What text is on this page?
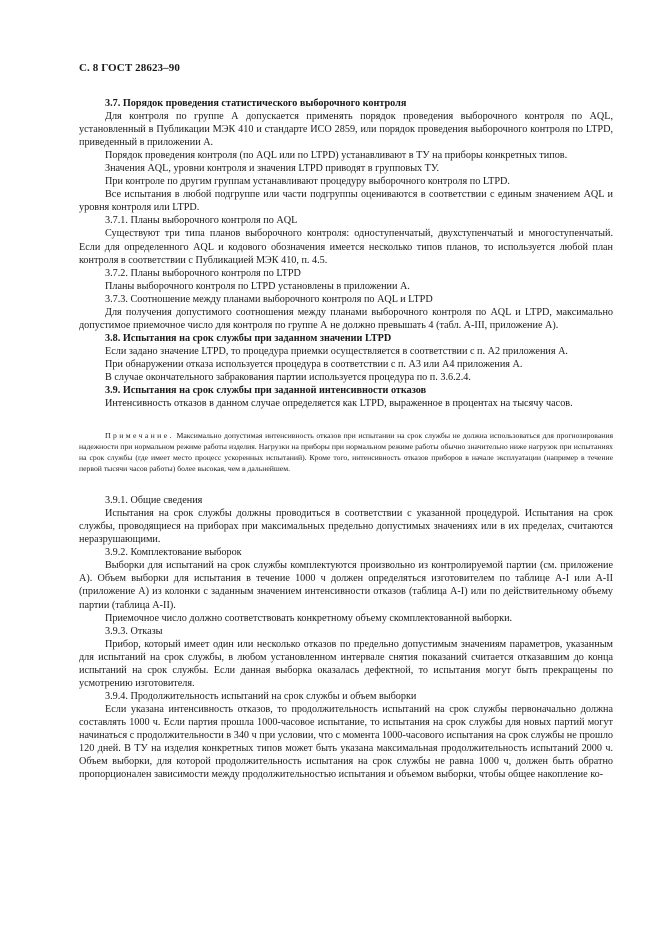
С. 8 ГОСТ 28623–90

3.7. Порядок проведения статистического выборочного контроля

Для контроля по группе А допускается применять порядок проведения выборочного контроля по AQL, установленный в Публикации МЭК 410 и стандарте ИСО 2859, или порядок проведения выборочного контроля по LTPD, приведенный в приложении А.

Порядок проведения контроля (по AQL или по LTPD) устанавливают в ТУ на приборы конкретных типов.

Значения AQL, уровни контроля и значения LTPD приводят в групповых ТУ.

При контроле по другим группам устанавливают процедуру выборочного контроля по LTPD.

Все испытания в любой подгруппе или части подгруппы оцениваются в соответствии с единым значением AQL и уровня контроля или LTPD.

3.7.1. Планы выборочного контроля по AQL

Существуют три типа планов выборочного контроля: одноступенчатый, двухступенчатый и многоступенчатый. Если для определенного AQL и кодового обозначения имеется несколько типов планов, то используется любой план контроля в соответствии с Публикацией МЭК 410, п. 4.5.

3.7.2. Планы выборочного контроля по LTPD

Планы выборочного контроля по LTPD установлены в приложении А.

3.7.3. Соотношение между планами выборочного контроля по AQL и LTPD

Для получения допустимого соотношения между планами выборочного контроля по AQL и LTPD, максимально допустимое приемочное число для контроля по группе А не должно превышать 4 (табл. А-III, приложение А).

3.8. Испытания на срок службы при заданном значении LTPD

Если задано значение LTPD, то процедура приемки осуществляется в соответствии с п. А2 приложения А.

При обнаружении отказа используется процедура в соответствии с п. А3 или А4 приложения А.

В случае окончательного забракования партии используется процедура по п. 3.6.2.4.

3.9. Испытания на срок службы при заданной интенсивности отказов

Интенсивность отказов в данном случае определяется как LTPD, выраженное в процентах на тысячу часов.

Примечание. Максимально допустимая интенсивность отказов при испытании на срок службы не должна использоваться для прогнозирования надежности при нормальном режиме работы изделия. Нагрузки на приборы при нормальном режиме работы обычно значительно ниже нагрузок при испытаниях на срок службы (где имеет место процесс ускоренных испытаний). Кроме того, интенсивность отказов приборов в начале эксплуатации (например в течение первой тысячи часов работы) более высокая, чем в дальнейшем.

3.9.1. Общие сведения

Испытания на срок службы должны проводиться в соответствии с указанной процедурой. Испытания на срок службы, проводящиеся на приборах при максимальных предельно допустимых значениях или в их пределах, считаются неразрушающими.

3.9.2. Комплектование выборок

Выборки для испытаний на срок службы комплектуются произвольно из контролируемой партии (см. приложение А). Объем выборки для испытания в течение 1000 ч должен определяться изготовителем по таблице А-I или А-II (приложение А) из колонки с заданным значением интенсивности отказов (таблица А-I) или по действительному объему партии (таблица А-II).

Приемочное число должно соответствовать конкретному объему скомплектованной выборки.

3.9.3. Отказы

Прибор, который имеет один или несколько отказов по предельно допустимым значениям параметров, указанным для испытаний на срок службы, в любом установленном интервале снятия показаний считается отказавшим до конца испытаний на срок службы. Если данная выборка оказалась дефектной, то испытания могут быть прекращены по усмотрению изготовителя.

3.9.4. Продолжительность испытаний на срок службы и объем выборки

Если указана интенсивность отказов, то продолжительность испытаний на срок службы первоначально должна составлять 1000 ч. Если партия прошла 1000-часовое испытание, то испытания на срок службы для новых партий могут начинаться с продолжительности в 340 ч при условии, что с момента 1000-часового испытания на срок службы не прошло 120 дней. В ТУ на изделия конкретных типов может быть указана максимальная продолжительность испытаний 2000 ч. Объем выборки, для которой продолжительность испытания на срок службы не равна 1000 ч, должен быть обратно пропорционален зависимости между продолжительностью испытания и объемом выборки, чтобы общее накопление ко-
